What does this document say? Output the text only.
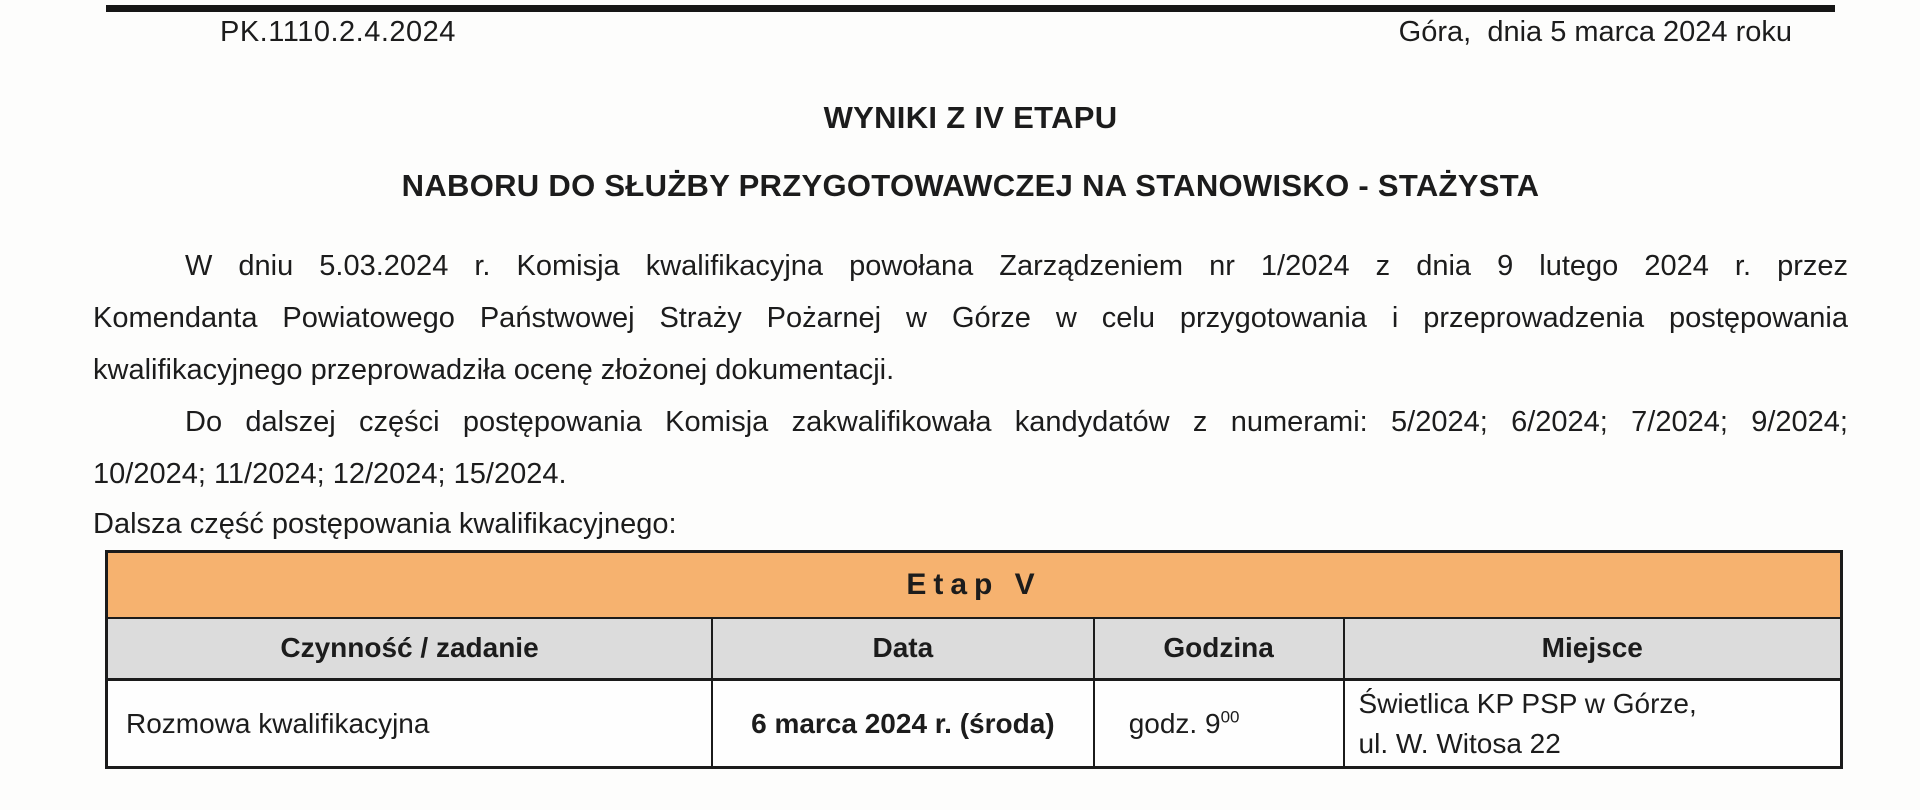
PK.1110.2.4.2024	Góra,  dnia 5 marca 2024 roku
WYNIKI Z IV ETAPU
NABORU DO SŁUŻBY PRZYGOTOWAWCZEJ NA STANOWISKO - STAŻYSTA
W dniu 5.03.2024 r. Komisja kwalifikacyjna powołana Zarządzeniem nr 1/2024 z dnia 9 lutego 2024 r. przez
Komendanta Powiatowego Państwowej Straży Pożarnej w Górze w celu przygotowania i przeprowadzenia postępowania
kwalifikacyjnego przeprowadziła ocenę złożonej dokumentacji.
Do dalszej części postępowania Komisja zakwalifikowała kandydatów z numerami: 5/2024; 6/2024; 7/2024; 9/2024;
10/2024; 11/2024; 12/2024; 15/2024.
Dalsza część postępowania kwalifikacyjnego:
Etap V			
Czynność / zadanie	Data	Godzina	Miejsce
Rozmowa kwalifikacyjna	6 marca 2024 r. (środa)	godz. $9^{00}$	Świetlica KP PSP w Górze,
ul. W. Witosa 22
